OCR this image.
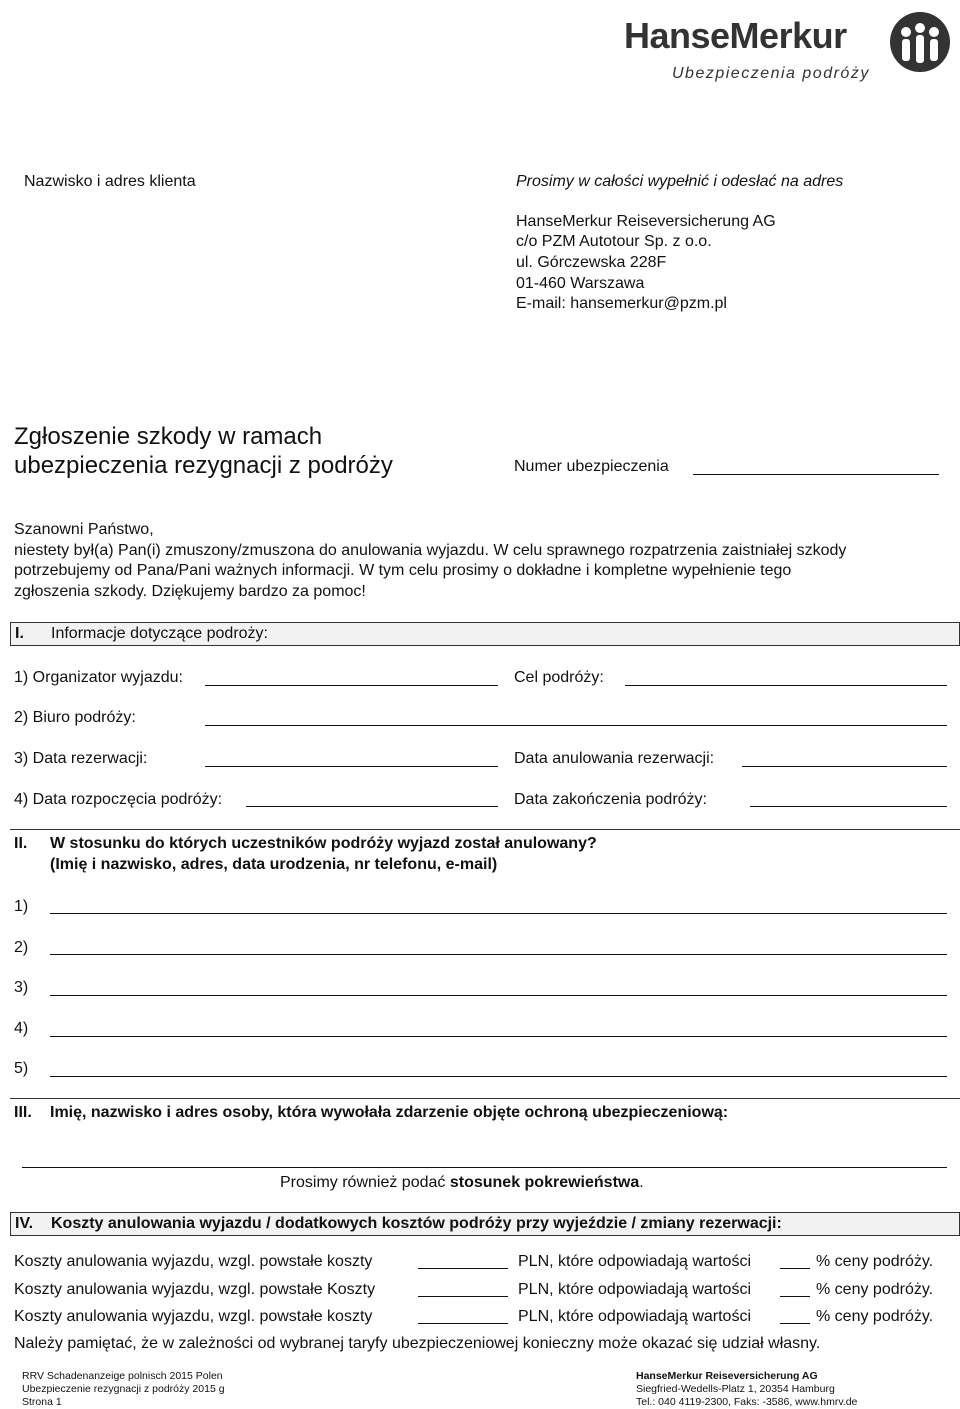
HanseMerkur
Ubezpieczenia podróży
Nazwisko i adres klienta	Prosimy w całości wypełnić i odesłać na adres
HanseMerkur Reiseversicherung AG
c/o PZM Autotour Sp. z o.o.
ul. Górczewska 228F
01-460 Warszawa
E-mail: hansemerkur@pzm.pl
Zgłoszenie szkody w ramach
ubezpieczenia rezygnacji z podróży	Numer ubezpieczenia
Szanowni Państwo,
niestety był(a) Pan(i) zmuszony/zmuszona do anulowania wyjazdu. W celu sprawnego rozpatrzenia zaistniałej szkody
potrzebujemy od Pana/Pani ważnych informacji. W tym celu prosimy o dokładne i kompletne wypełnienie tego
zgłoszenia szkody. Dziękujemy bardzo za pomoc!
I. Informacje dotyczące podroży:
1) Organizator wyjazdu:	Cel podróży:
2) Biuro podróży:
3) Data rezerwacji:	Data anulowania rezerwacji:
4) Data rozpoczęcia podróży:	Data zakończenia podróży:
II. W stosunku do których uczestników podróży wyjazd został anulowany?
(Imię i nazwisko, adres, data urodzenia, nr telefonu, e-mail)
1)
2)
3)
4)
5)
III. Imię, nazwisko i adres osoby, która wywołała zdarzenie objęte ochroną ubezpieczeniową:
Prosimy również podać stosunek pokrewieństwa.
IV. Koszty anulowania wyjazdu / dodatkowych kosztów podróży przy wyjeździe / zmiany rezerwacji:
Koszty anulowania wyjazdu, wzgl. powstałe koszty	PLN, które odpowiadają wartości	% ceny podróży.
Koszty anulowania wyjazdu, wzgl. powstałe Koszty	PLN, które odpowiadają wartości	% ceny podróży.
Koszty anulowania wyjazdu, wzgl. powstałe koszty	PLN, które odpowiadają wartości	% ceny podróży.
Należy pamiętać, że w zależności od wybranej taryfy ubezpieczeniowej konieczny może okazać się udział własny.
RRV Schadenanzeige polnisch 2015 Polen
Ubezpieczenie rezygnacji z podróży 2015 g
Strona 1
HanseMerkur Reiseversicherung AG
Siegfried-Wedells-Platz 1, 20354 Hamburg
Tel.: 040 4119-2300, Faks: -3586, www.hmrv.de
